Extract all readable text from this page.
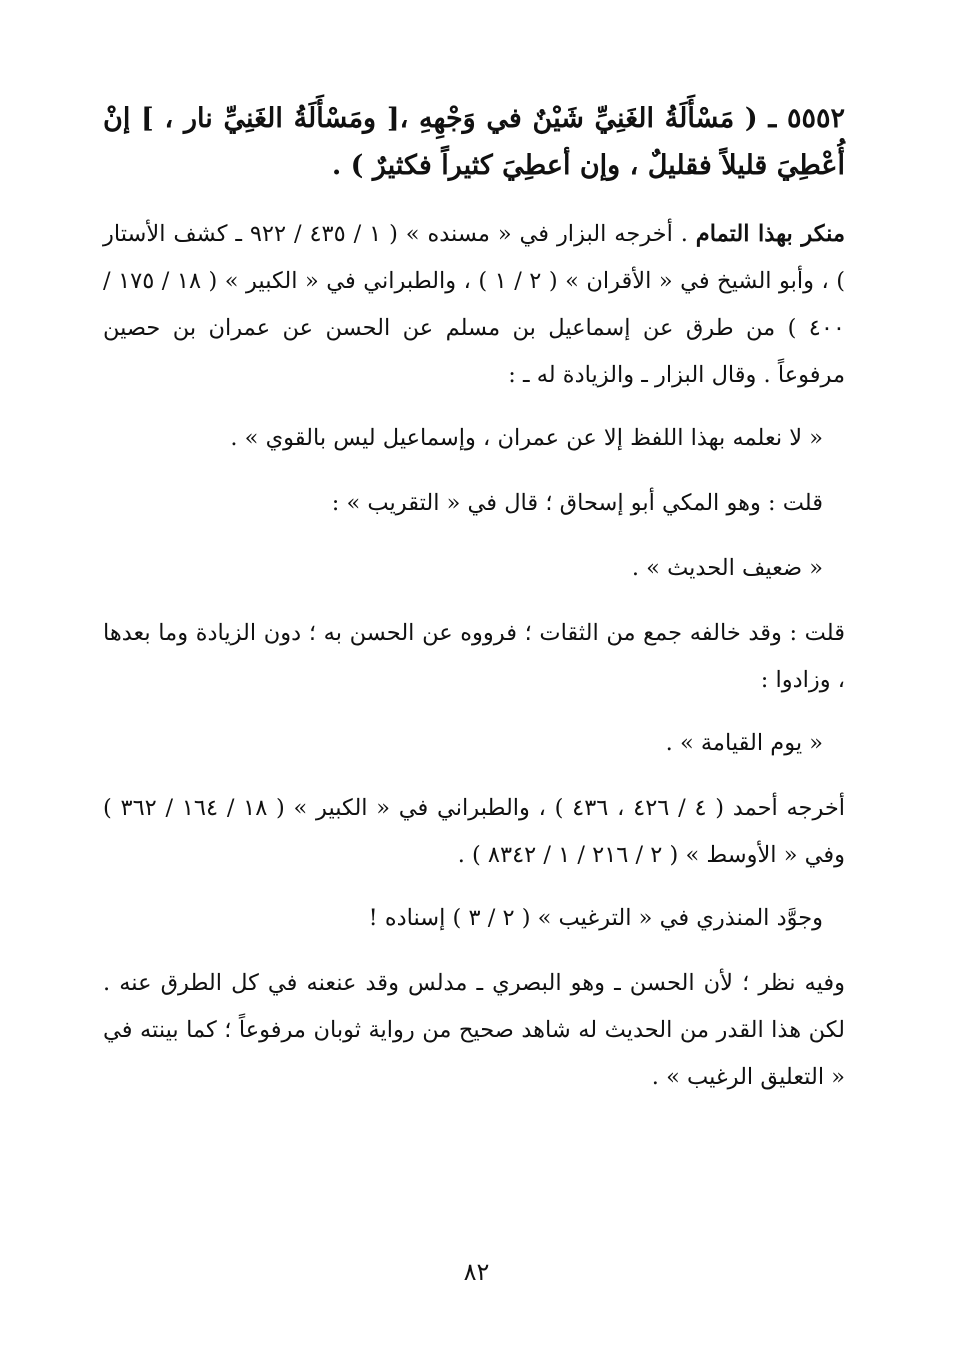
٥٥٥٢ ـ ( مَسْأَلَةُ الغَنِيِّ شَيْنٌ في وَجْهِهِ ،[ ومَسْأَلَةُ الغَنِيِّ نار ، ] إنْ أُعْطِيَ قليلاً فقليلٌ ، وإن أعطِيَ كثيراً فكثيرٌ ) .

منكر بهذا التمام . أخرجه البزار في « مسنده » ( ١ / ٤٣٥ / ٩٢٢ ـ كشف الأستار ) ، وأبو الشيخ في « الأقران » ( ٢ / ١ ) ، والطبراني في « الكبير » ( ١٨ / ١٧٥ / ٤٠٠ ) من طرق عن إسماعيل بن مسلم عن الحسن عن عمران بن حصين مرفوعاً . وقال البزار ـ والزيادة له ـ :

« لا نعلمه بهذا اللفظ إلا عن عمران ، وإسماعيل ليس بالقوي » .

قلت : وهو المكي أبو إسحاق ؛ قال في « التقريب » :

« ضعيف الحديث » .

قلت : وقد خالفه جمع من الثقات ؛ فرووه عن الحسن به ؛ دون الزيادة وما بعدها ، وزادوا :

« يوم القيامة » .

أخرجه أحمد ( ٤ / ٤٢٦ ، ٤٣٦ ) ، والطبراني في « الكبير » ( ١٨ / ١٦٤ / ٣٦٢ ) وفي « الأوسط » ( ٢ / ٢١٦ / ١ / ٨٣٤٢ ) .

وجوَّد المنذري في « الترغيب » ( ٢ / ٣ ) إسناده !

وفيه نظر ؛ لأن الحسن ـ وهو البصري ـ مدلس وقد عنعنه في كل الطرق عنه . لكن هذا القدر من الحديث له شاهد صحيح من رواية ثوبان مرفوعاً ؛ كما بينته في « التعليق الرغيب » .

٨٢
